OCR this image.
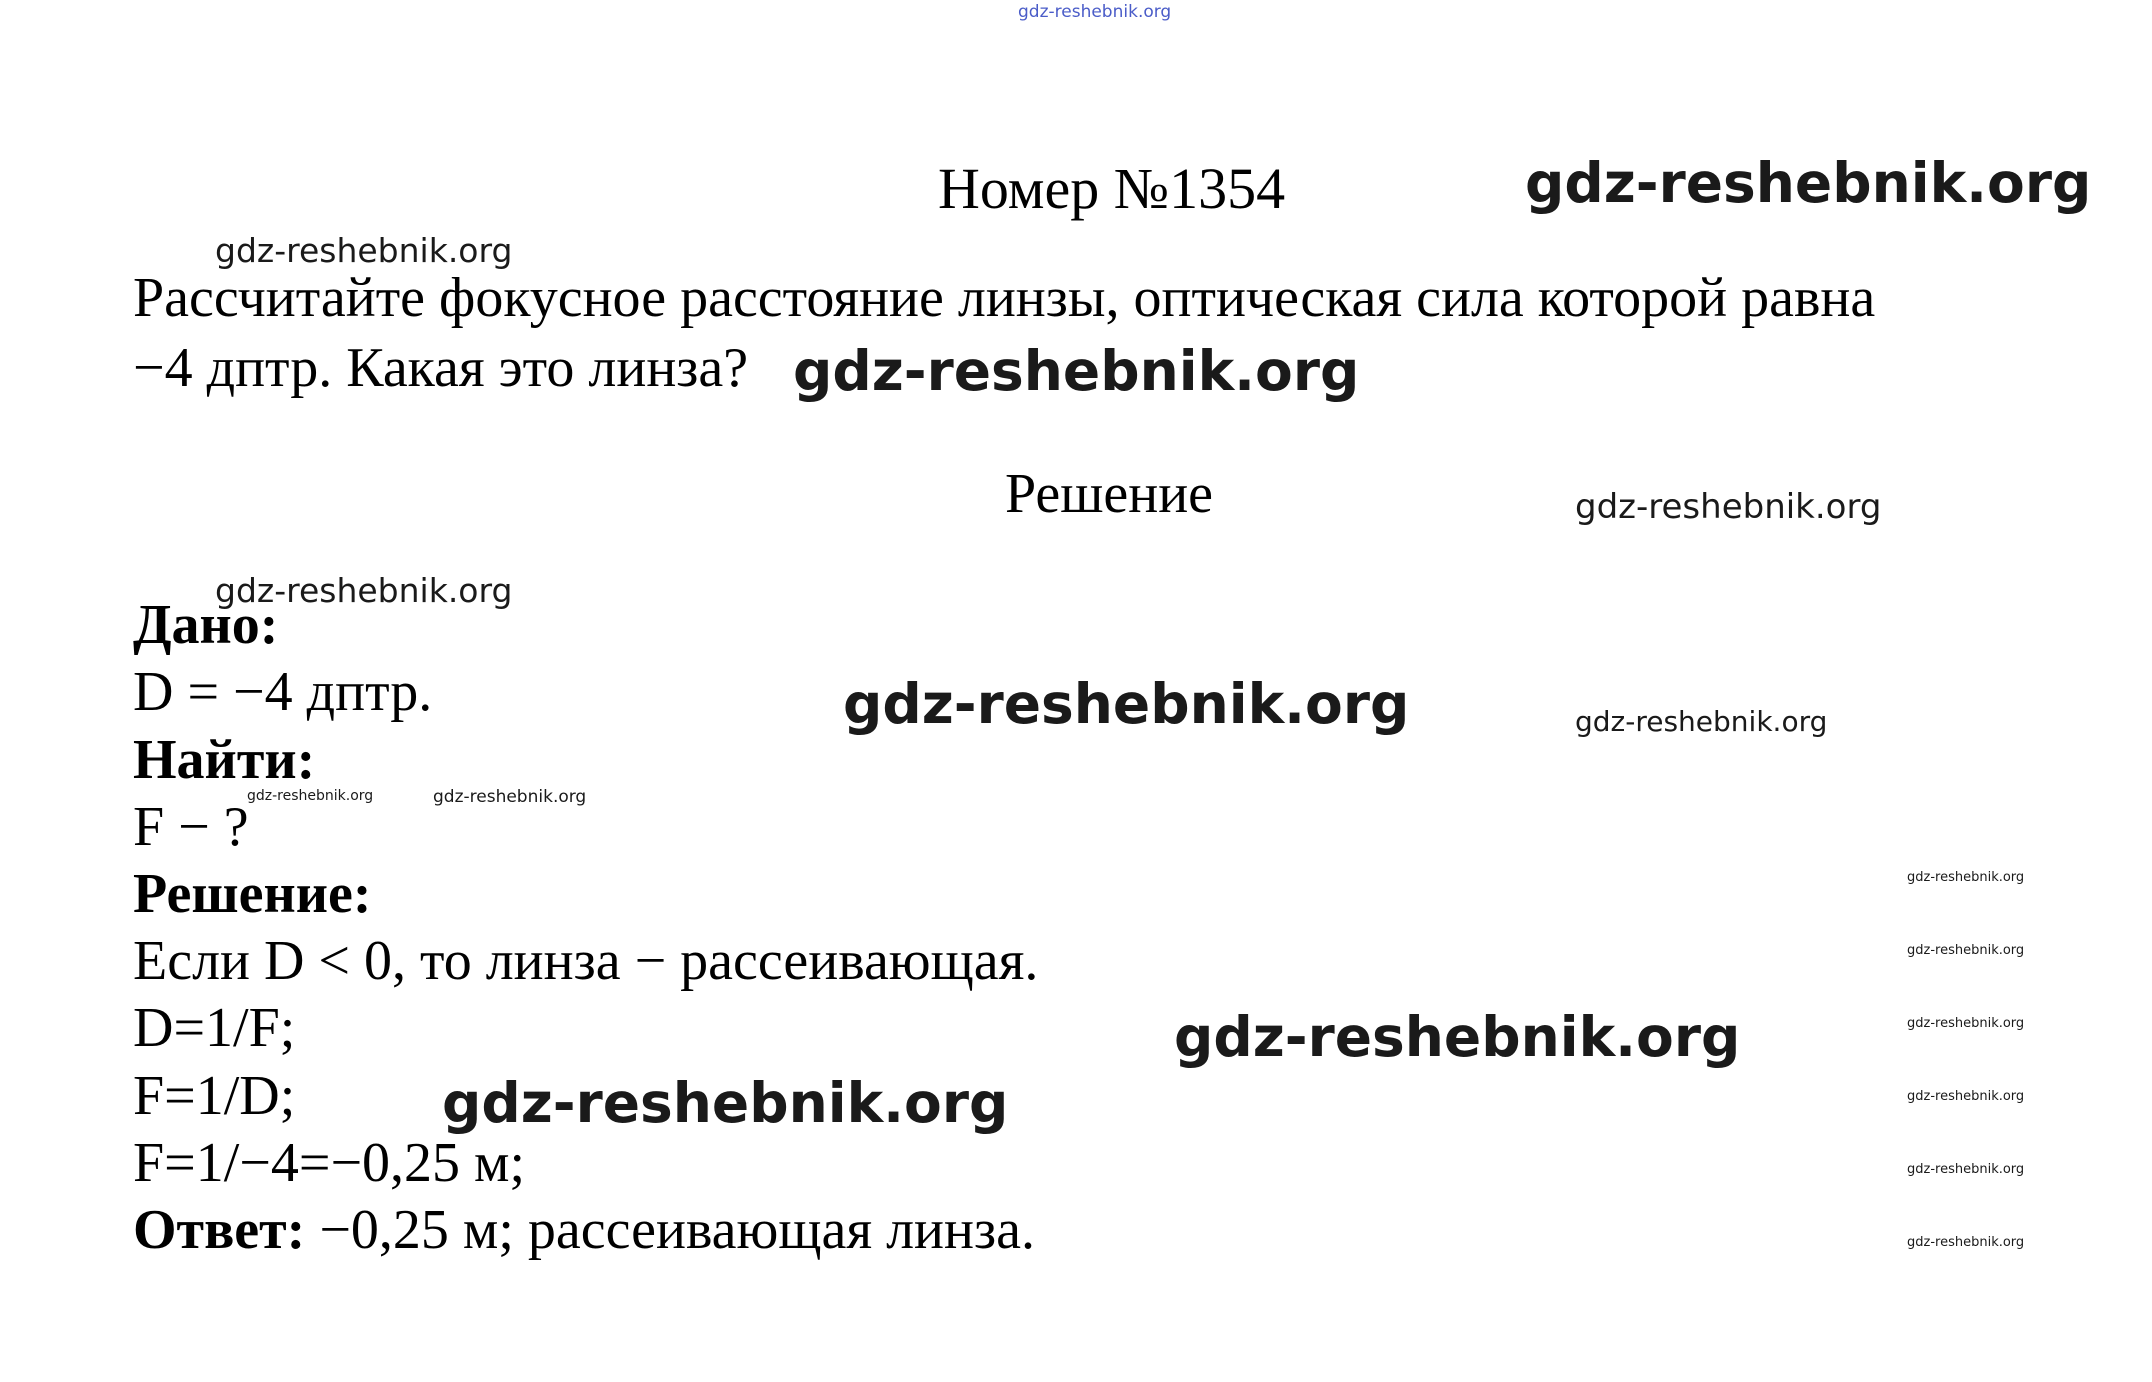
gdz-reshebnik.org
Номер №1354
Рассчитайте фокусное расстояние линзы, оптическая сила которой равна
−4 дптр. Какая это линза?
Решение
Дано:
D = −4 дптр.
Найти:
F − ?
Решение:
Если D < 0, то линза − рассеивающая.
D=1/F;
F=1/D;
F=1/−4=−0,25 м;
Ответ: −0,25 м; рассеивающая линза.
gdz-reshebnik.org
gdz-reshebnik.org
gdz-reshebnik.org
gdz-reshebnik.org
gdz-reshebnik.org
gdz-reshebnik.org	gdz-reshebnik.org
gdz-reshebnik.org	gdz-reshebnik.org
gdz-reshebnik.org
gdz-reshebnik.org
gdz-reshebnik.org	gdz-reshebnik.org
gdz-reshebnik.org	gdz-reshebnik.org
gdz-reshebnik.org
gdz-reshebnik.org
